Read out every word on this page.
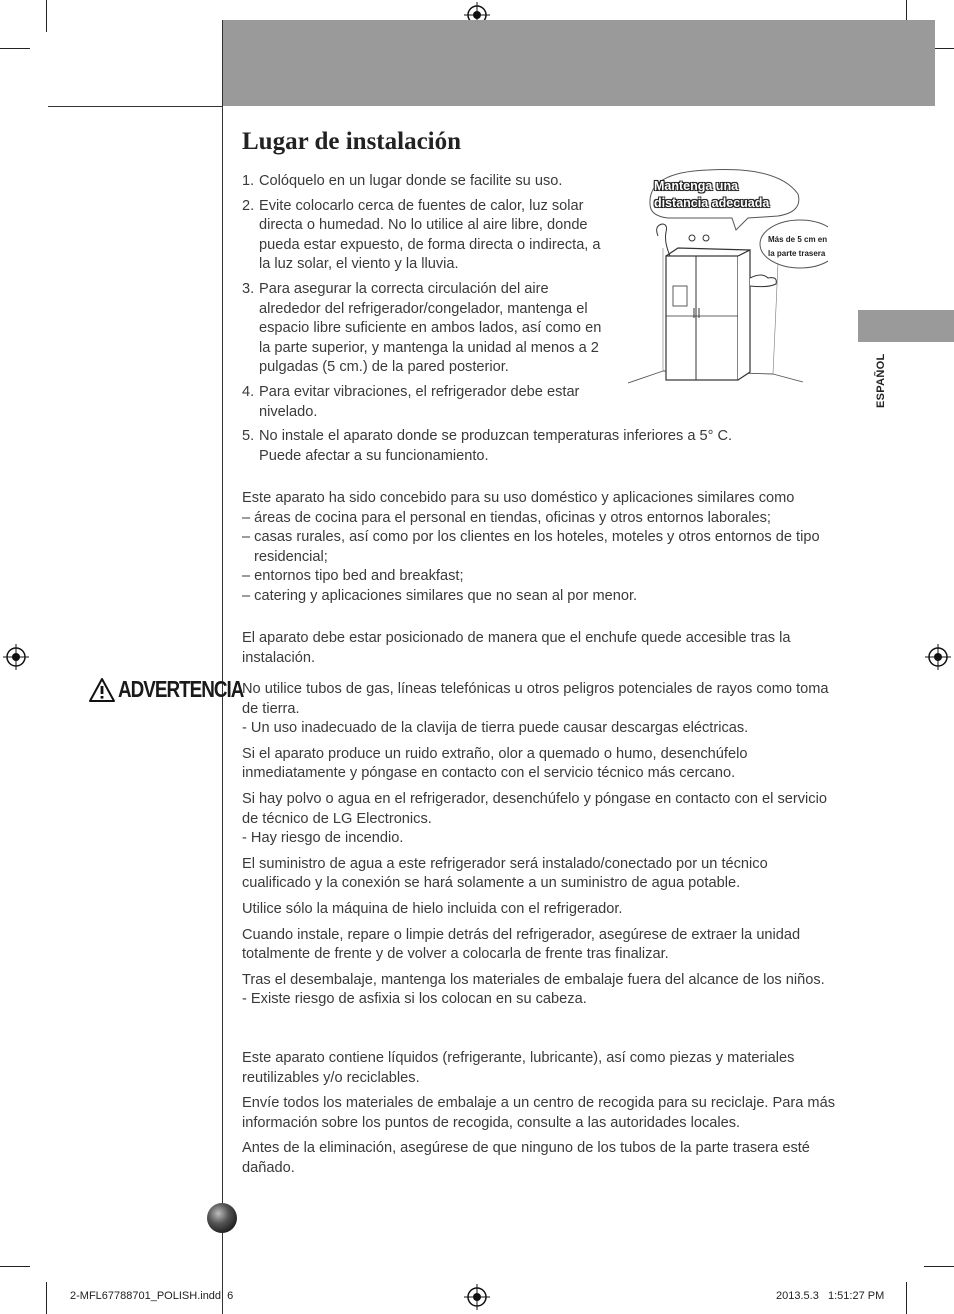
Lugar de instalación
ESPAÑOL
1. Colóquelo en un lugar donde se facilite su uso.
2. Evite colocarlo cerca de fuentes de calor, luz solar directa o humedad. No lo utilice al aire libre, donde pueda estar expuesto, de forma directa o indirecta, a la luz solar, el viento y la lluvia.
3. Para asegurar la correcta circulación del aire alrededor del refrigerador/congelador, mantenga el espacio libre suficiente en ambos lados, así como en la parte superior, y mantenga la unidad al menos a 2 pulgadas (5 cm.) de la pared posterior.
4. Para evitar vibraciones, el refrigerador debe estar nivelado.
5. No instale el aparato donde se produzcan temperaturas inferiores a 5° C. Puede afectar a su funcionamiento.
Mantenga una
distancia adecuada
Más de 5 cm en
la parte trasera
Este aparato ha sido concebido para su uso doméstico y aplicaciones similares como
– áreas de cocina para el personal en tiendas, oficinas y otros entornos laborales;
– casas rurales, así como por los clientes en los hoteles, moteles y otros entornos de tipo residencial;
– entornos tipo bed and breakfast;
– catering y aplicaciones similares que no sean al por menor.
El aparato debe estar posicionado de manera que el enchufe quede accesible tras la instalación.
ADVERTENCIA
No utilice tubos de gas, líneas telefónicas u otros peligros potenciales de rayos como toma de tierra.
- Un uso inadecuado de la clavija de tierra puede causar descargas eléctricas.
Si el aparato produce un ruido extraño, olor a quemado o humo, desenchúfelo inmediatamente y póngase en contacto con el servicio técnico más cercano.
Si hay polvo o agua en el refrigerador, desenchúfelo y póngase en contacto con el servicio de técnico de LG Electronics.
- Hay riesgo de incendio.
El suministro de agua a este refrigerador será instalado/conectado por un técnico cualificado y la conexión se hará solamente a un suministro de agua potable.
Utilice sólo la máquina de hielo incluida con el refrigerador.
Cuando instale, repare o limpie detrás del refrigerador, asegúrese de extraer la unidad totalmente de frente y de volver a colocarla de frente tras finalizar.
Tras el desembalaje, mantenga los materiales de embalaje fuera del alcance de los niños.
- Existe riesgo de asfixia si los colocan en su cabeza.
Este aparato contiene líquidos (refrigerante, lubricante), así como piezas y materiales reutilizables y/o reciclables.
Envíe todos los materiales de embalaje a un centro de recogida para su reciclaje. Para más información sobre los puntos de recogida, consulte a las autoridades locales.
Antes de la eliminación, asegúrese de que ninguno de los tubos de la parte trasera esté dañado.
2-MFL67788701_POLISH.indd 6	2013.5.3 1:51:27 PM
